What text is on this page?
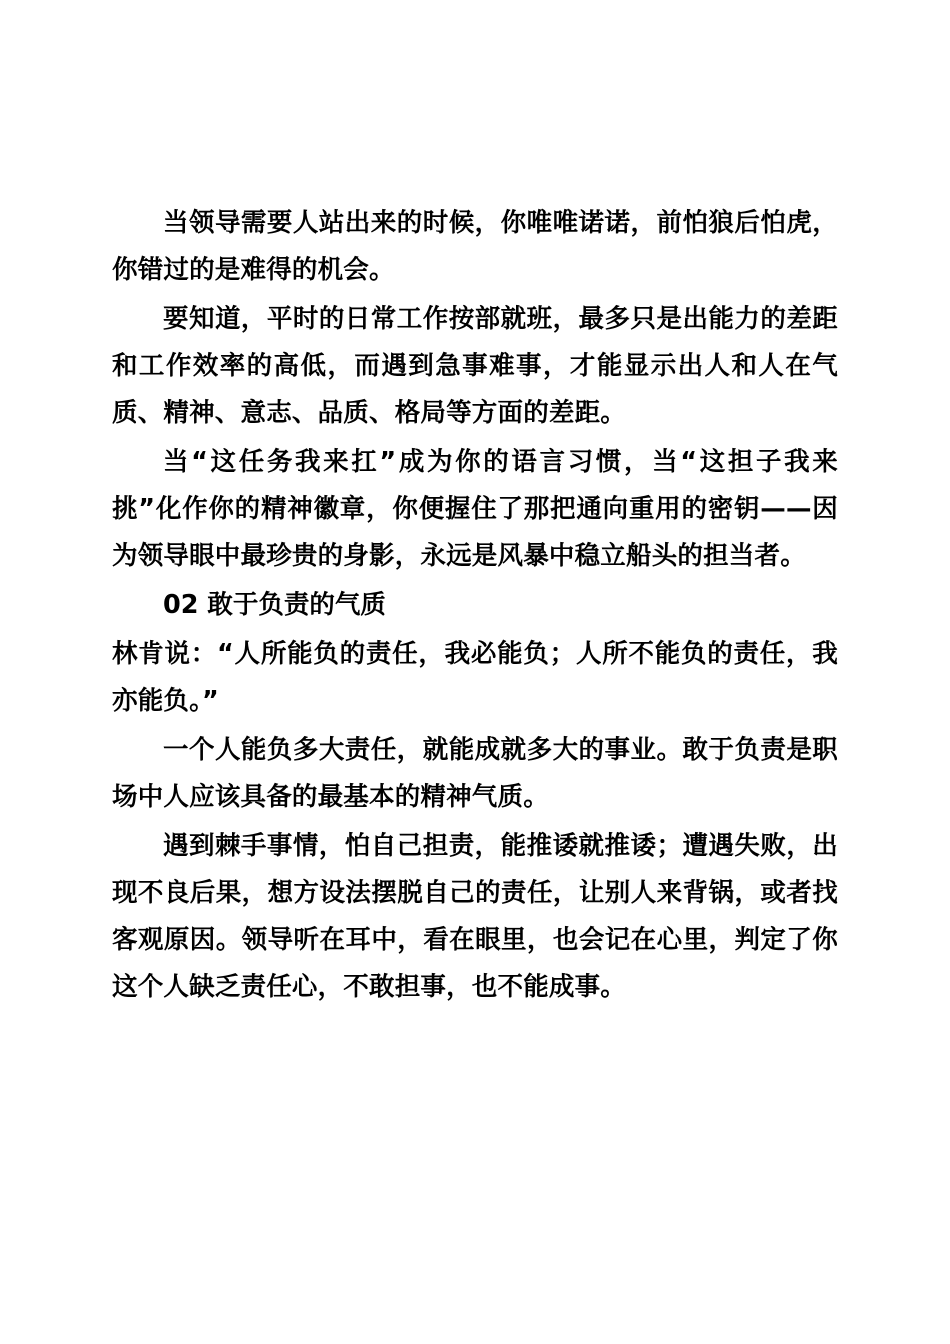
当领导需要人站出来的时候，你唯唯诺诺，前怕狼后怕虎，你错过的是难得的机会。

要知道，平时的日常工作按部就班，最多只是出能力的差距和工作效率的高低，而遇到急事难事，才能显示出人和人在气质、精神、意志、品质、格局等方面的差距。

当“这任务我来扛”成为你的语言习惯，当“这担子我来挑”化作你的精神徽章，你便握住了那把通向重用的密钥——因为领导眼中最珍贵的身影，永远是风暴中稳立船头的担当者。

02 敢于负责的气质

林肯说：“人所能负的责任，我必能负；人所不能负的责任，我亦能负。”

一个人能负多大责任，就能成就多大的事业。敢于负责是职场中人应该具备的最基本的精神气质。

遇到棘手事情，怕自己担责，能推诿就推诿；遭遇失败，出现不良后果，想方设法摆脱自己的责任，让别人来背锅，或者找客观原因。领导听在耳中，看在眼里，也会记在心里，判定了你这个人缺乏责任心，不敢担事，也不能成事。
